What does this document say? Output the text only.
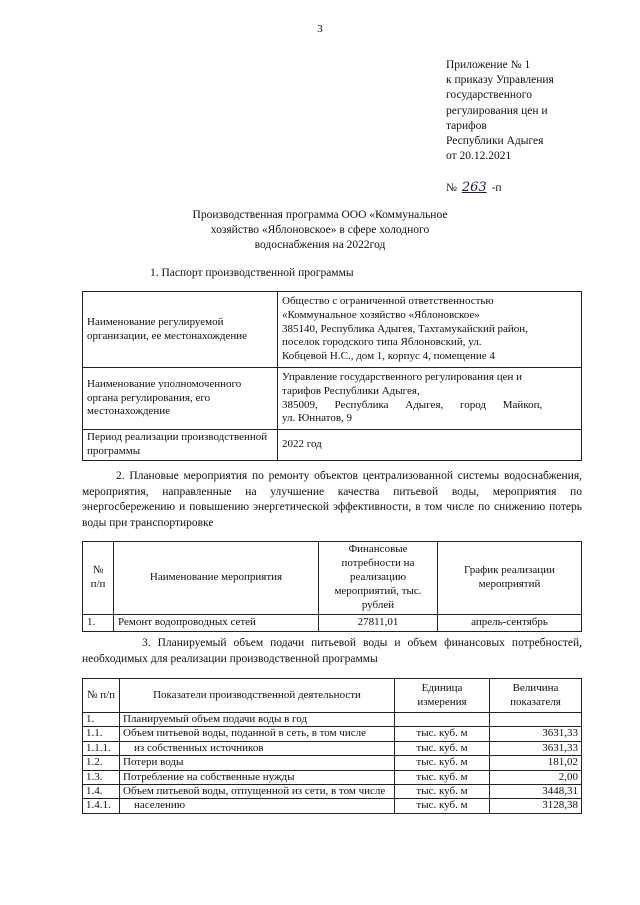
3
Приложение № 1
к приказу Управления
государственного
регулирования цен и
тарифов
Республики Адыгея
от 20.12.2021
№ 263 -п
Производственная программа ООО «Коммунальное
хозяйство «Яблоновское» в сфере холодного
водоснабжения на 2022год
1. Паспорт производственной программы
Наименование регулируемой организации, ее местонахождение	Общество с ограниченной ответственностью
«Коммунальное хозяйство «Яблоновское»
385140, Республика Адыгея, Тахтамукайский район,
поселок городского типа Яблоновский, ул.
Кобцевой Н.С., дом 1, корпус 4, помещение 4

Наименование уполномоченного органа регулирования, его местонахождение	Управление государственного регулирования цен и
тарифов Республики Адыгея,
385009, Республика Адыгея, город Майкоп,
ул. Юннатов, 9

Период реализации производственной программы	2022 год
2. Плановые мероприятия по ремонту объектов централизованной системы водоснабжения, мероприятия, направленные на улучшение качества питьевой воды, мероприятия по энергосбережению и повышению энергетической эффективности, в том числе по снижению потерь воды при транспортировке
№ п/п	Наименование мероприятия	Финансовые потребности на реализацию мероприятий, тыс. рублей	График реализации мероприятий
1.	Ремонт водопроводных сетей	27811,01	апрель-сентябрь
3. Планируемый объем подачи питьевой воды и объем финансовых потребностей, необходимых для реализации производственной программы
№ п/п	Показатели производственной деятельности	Единица измерения	Величина показателя
1.	Планируемый объем подачи воды в год		
1.1.	Объем питьевой воды, поданной в сеть, в том числе	тыс. куб. м	3631,33
1.1.1.	из собственных источников	тыс. куб. м	3631,33
1.2.	Потери воды	тыс. куб. м	181,02
1.3.	Потребление на собственные нужды	тыс. куб. м	2,00
1.4.	Объем питьевой воды, отпущенной из сети, в том числе	тыс. куб. м	3448,31
1.4.1.	населению	тыс. куб. м	3128,38
